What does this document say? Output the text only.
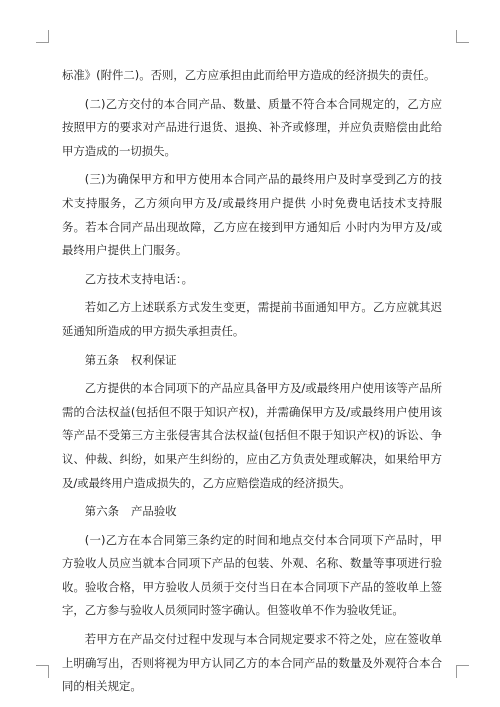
标准》(附件二)。否则，乙方应承担由此而给甲方造成的经济损失的责任。

(二)乙方交付的本合同产品、数量、质量不符合本合同规定的，乙方应按照甲方的要求对产品进行退货、退换、补齐或修理，并应负责赔偿由此给甲方造成的一切损失。

(三)为确保甲方和甲方使用本合同产品的最终用户及时享受到乙方的技术支持服务，乙方须向甲方及/或最终用户提供 小时免费电话技术支持服务。若本合同产品出现故障，乙方应在接到甲方通知后 小时内为甲方及/或最终用户提供上门服务。

乙方技术支持电话：。

若如乙方上述联系方式发生变更，需提前书面通知甲方。乙方应就其迟延通知所造成的甲方损失承担责任。

第五条 权利保证

乙方提供的本合同项下的产品应具备甲方及/或最终用户使用该等产品所需的合法权益(包括但不限于知识产权)，并需确保甲方及/或最终用户使用该等产品不受第三方主张侵害其合法权益(包括但不限于知识产权)的诉讼、争议、仲裁、纠纷，如果产生纠纷的，应由乙方负责处理或解决，如果给甲方及/或最终用户造成损失的，乙方应赔偿造成的经济损失。

第六条 产品验收

(一)乙方在本合同第三条约定的时间和地点交付本合同项下产品时，甲方验收人员应当就本合同项下产品的包装、外观、名称、数量等事项进行验收。验收合格，甲方验收人员须于交付当日在本合同项下产品的签收单上签字，乙方参与验收人员须同时签字确认。但签收单不作为验收凭证。

若甲方在产品交付过程中发现与本合同规定要求不符之处，应在签收单上明确写出，否则将视为甲方认同乙方的本合同产品的数量及外观符合本合同的相关规定。
